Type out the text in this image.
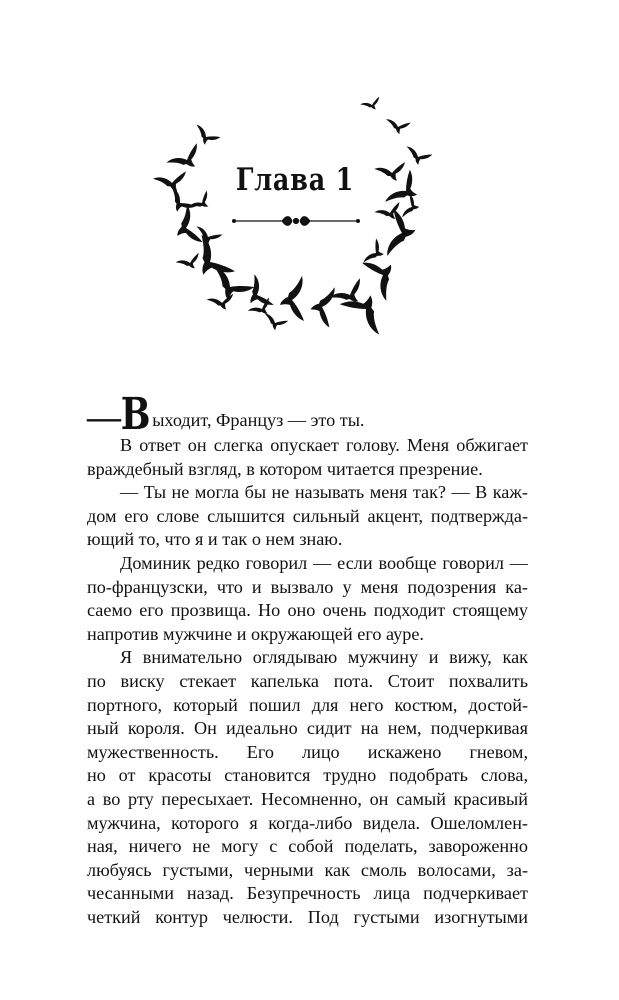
Глава 1
—Выходит, Француз — это ты.
В ответ он слегка опускает голову. Меня обжигает
враждебный взгляд, в котором читается презрение.
— Ты не могла бы не называть меня так? — В каж-
дом его слове слышится сильный акцент, подтвержда-
ющий то, что я и так о нем знаю.
Доминик редко говорил — если вообще говорил —
по-французски, что и вызвало у меня подозрения ка-
саемо его прозвища. Но оно очень подходит стоящему
напротив мужчине и окружающей его ауре.
Я внимательно оглядываю мужчину и вижу, как
по виску стекает капелька пота. Стоит похвалить
портного, который пошил для него костюм, достой-
ный короля. Он идеально сидит на нем, подчеркивая
мужественность. Его лицо искажено гневом,
но от красоты становится трудно подобрать слова,
а во рту пересыхает. Несомненно, он самый красивый
мужчина, которого я когда-либо видела. Ошеломлен-
ная, ничего не могу с собой поделать, завороженно
любуясь густыми, черными как смоль волосами, за-
чесанными назад. Безупречность лица подчеркивает
четкий контур челюсти. Под густыми изогнутыми
